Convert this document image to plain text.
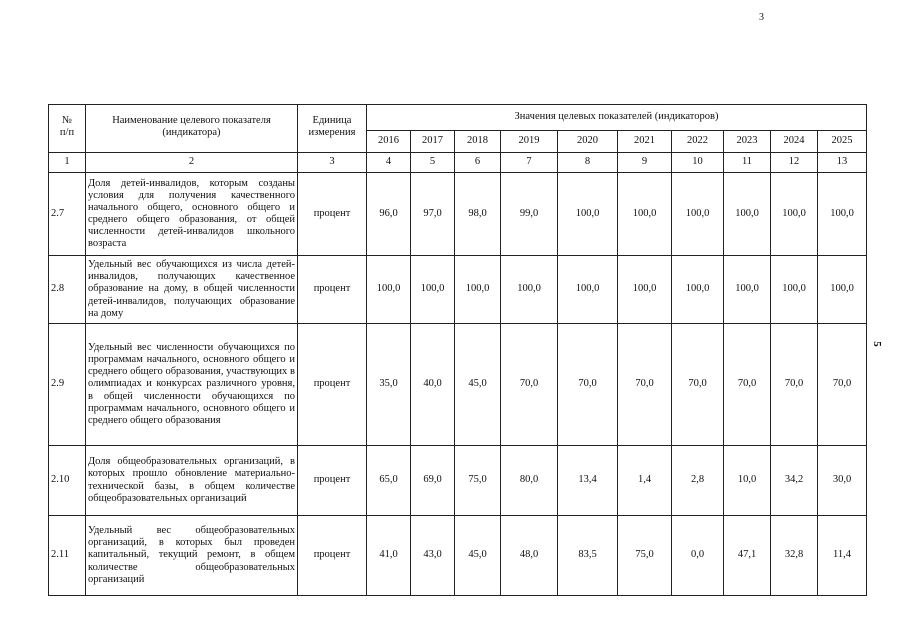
3
5
№
п/п	Наименование целевого показателя (индикатора)	Единица измерения	Значения целевых показателей (индикаторов)									
			2016	2017	2018	2019	2020	2021	2022	2023	2024	2025
1	2	3	4	5	6	7	8	9	10	11	12	13
2.7	Доля детей-инвалидов, которым созданы условия для получения качественного начального общего, основного общего и среднего общего образования, от общей численности детей-инвалидов школьного возраста	процент	96,0	97,0	98,0	99,0	100,0	100,0	100,0	100,0	100,0	100,0
2.8	Удельный вес обучающихся из числа детей-инвалидов, получающих качественное образование на дому, в общей численности детей-инвалидов, получающих образование на дому	процент	100,0	100,0	100,0	100,0	100,0	100,0	100,0	100,0	100,0	100,0
2.9	Удельный вес численности обучающихся по программам начального, основного общего и среднего общего образования, участвующих в олимпиадах и конкурсах различного уровня, в общей численности обучающихся по программам начального, основного общего и среднего общего образования	процент	35,0	40,0	45,0	70,0	70,0	70,0	70,0	70,0	70,0	70,0
2.10	Доля общеобразовательных организаций, в которых прошло обновление материально-технической базы, в общем количестве общеобразовательных организаций	процент	65,0	69,0	75,0	80,0	13,4	1,4	2,8	10,0	34,2	30,0
2.11	Удельный вес общеобразовательных организаций, в которых был проведен капитальный, текущий ремонт, в общем количестве общеобразовательных организаций	процент	41,0	43,0	45,0	48,0	83,5	75,0	0,0	47,1	32,8	11,4
